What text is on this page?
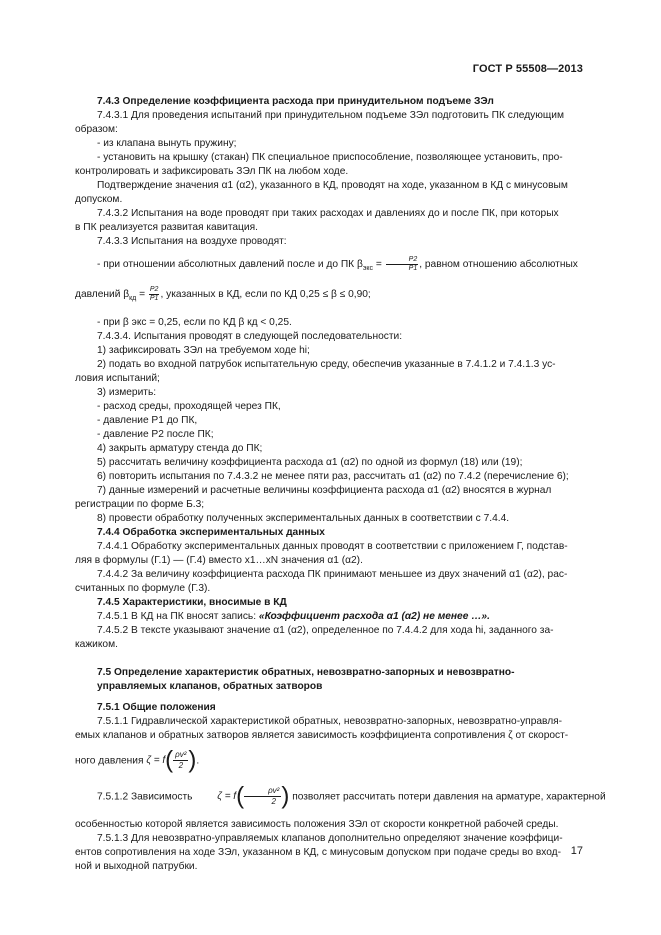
ГОСТ Р 55508—2013
7.4.3 Определение коэффициента расхода при принудительном подъеме ЗЭл
7.4.3.1 Для проведения испытаний при принудительном подъеме ЗЭл подготовить ПК следующим
образом:
- из клапана вынуть пружину;
- установить на крышку (стакан) ПК специальное приспособление, позволяющее установить, про-
контролировать и зафиксировать ЗЭл ПК на любом ходе.
Подтверждение значения α1 (α2), указанного в КД, проводят на ходе, указанном в КД с минусовым
допуском.
7.4.3.2 Испытания на воде проводят при таких расходах и давлениях до и после ПК, при которых
в ПК реализуется развитая кавитация.
7.4.3.3 Испытания на воздухе проводят:
- при отношении абсолютных давлений после и до ПК $\beta_{экс} = \frac{P2}{P1}$ , равном отношению абсолютных
давлений $\beta_{кд} = \frac{P2}{P1}$ , указанных в КД, если по КД 0,25 ≤ β ≤ 0,90;
- при β экс = 0,25, если по КД β кд < 0,25.
7.4.3.4. Испытания проводят в следующей последовательности:
1) зафиксировать ЗЭл на требуемом ходе hi;
2) подать во входной патрубок испытательную среду, обеспечив указанные в 7.4.1.2 и 7.4.1.3 ус-
ловия испытаний;
3) измерить:
- расход среды, проходящей через ПК,
- давление P1 до ПК,
- давление P2 после ПК;
4) закрыть арматуру стенда до ПК;
5) рассчитать величину коэффициента расхода α1 (α2) по одной из формул (18) или (19);
6) повторить испытания по 7.4.3.2 не менее пяти раз, рассчитать α1 (α2) по 7.4.2 (перечисление 6);
7) данные измерений и расчетные величины коэффициента расхода α1 (α2) вносятся в журнал
регистрации по форме Б.3;
8) провести обработку полученных экспериментальных данных в соответствии с 7.4.4.
7.4.4 Обработка экспериментальных данных
7.4.4.1 Обработку экспериментальных данных проводят в соответствии с приложением Г, подстав-
ляя в формулы (Г.1) — (Г.4) вместо x1…xN значения α1 (α2).
7.4.4.2 За величину коэффициента расхода ПК принимают меньшее из двух значений α1 (α2), рас-
считанных по формуле (Г.3).
7.4.5 Характеристики, вносимые в КД
7.4.5.1 В КД на ПК вносят запись: «Коэффициент расхода α1 (α2) не менее …».
7.4.5.2 В тексте указывают значение α1 (α2), определенное по 7.4.4.2 для хода hi, заданного за-
кажиком.
7.5 Определение характеристик обратных, невозвратно-запорных и невозвратно-
управляемых клапанов, обратных затворов
7.5.1 Общие положения
7.5.1.1 Гидравлической характеристикой обратных, невозвратно-запорных, невозвратно-управля-
емых клапанов и обратных затворов является зависимость коэффициента сопротивления ζ от скорост-
ного давления $\zeta = f( \frac{\text{ρv²}}{2}$ ).
7.5.1.2 Зависимость $\zeta = f( \frac{\text{ρv²}}{2}$ ) позволяет рассчитать потери давления на арматуре, характерной
особенностью которой является зависимость положения ЗЭл от скорости конкретной рабочей среды.
7.5.1.3 Для невозвратно-управляемых клапанов дополнительно определяют значение коэффици-
ентов сопротивления на ходе ЗЭл, указанном в КД, с минусовым допуском при подаче среды во вход-
ной и выходной патрубки.
17
